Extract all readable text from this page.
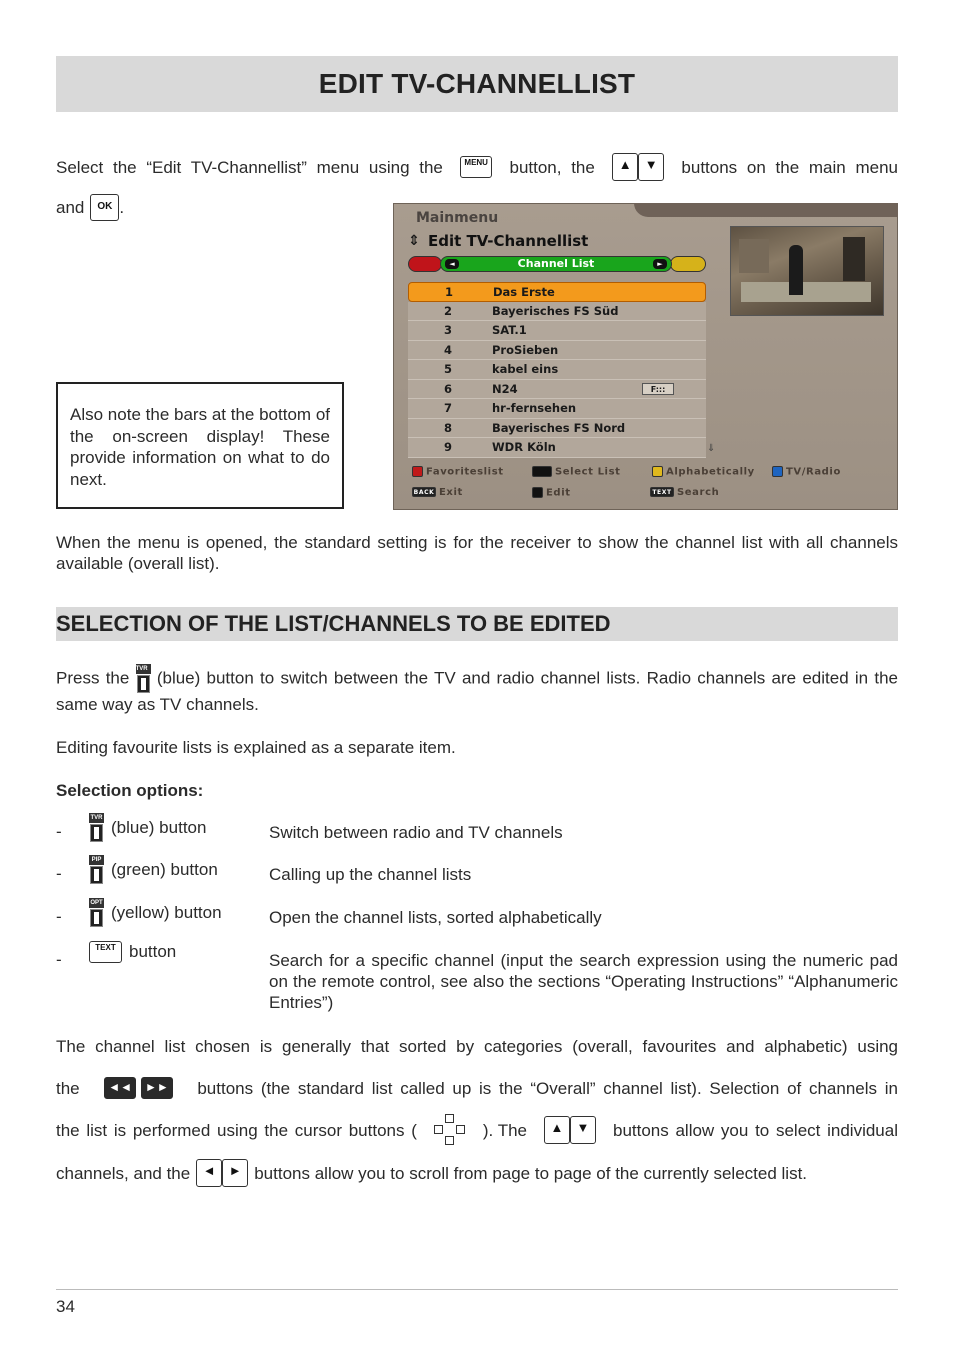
EDIT TV-CHANNELLIST
Select the “Edit TV-Channellist” menu using the	MENU button, the	▲ ▼	buttons on the main menu
and	OK .
Also note the bars at the bottom of the on-screen display! These provide information on what to do next.
Mainmenu
⇕ Edit TV-Channellist
◄	Channel List	►
1	Das Erste
2	Bayerisches FS Süd
3	SAT.1
4	ProSieben
5	kabel eins
6	N24	F:::
7	hr-fernsehen
8	Bayerisches FS Nord
9	WDR Köln	⇓
Favoriteslist	Select List	Alphabetically	TV/Radio
BACK Exit	Edit	TEXT Search
When the menu is opened, the standard setting is for the receiver to show the channel list with all channels available (overall list).
SELECTION OF THE LIST/CHANNELS TO BE EDITED
Press the TVR (blue) button to switch between the TV and radio channel lists. Radio channels are edited in the same way as TV channels.
Editing favourite lists is explained as a separate item.
Selection options:
-
TVR (blue) button	Switch between radio and TV channels
-
PIP (green) button	Calling up the channel lists
-
OPT (yellow) button	Open the channel lists, sorted alphabetically
-
TEXT button	Search for a specific channel (input the search expression using the numeric pad on the remote control, see also the sections “Operating Instructions” “Alphanumeric Entries”)
The channel list chosen is generally that sorted by categories (overall, favourites and alphabetic) using
the	◄◄ ►► buttons (the standard list called up is the “Overall” channel list). Selection of channels in
the list is performed using the cursor buttons (	). The	▲ ▼	buttons allow you to select individual
channels, and the ◄ ► buttons allow you to scroll from page to page of the currently selected list.
34
